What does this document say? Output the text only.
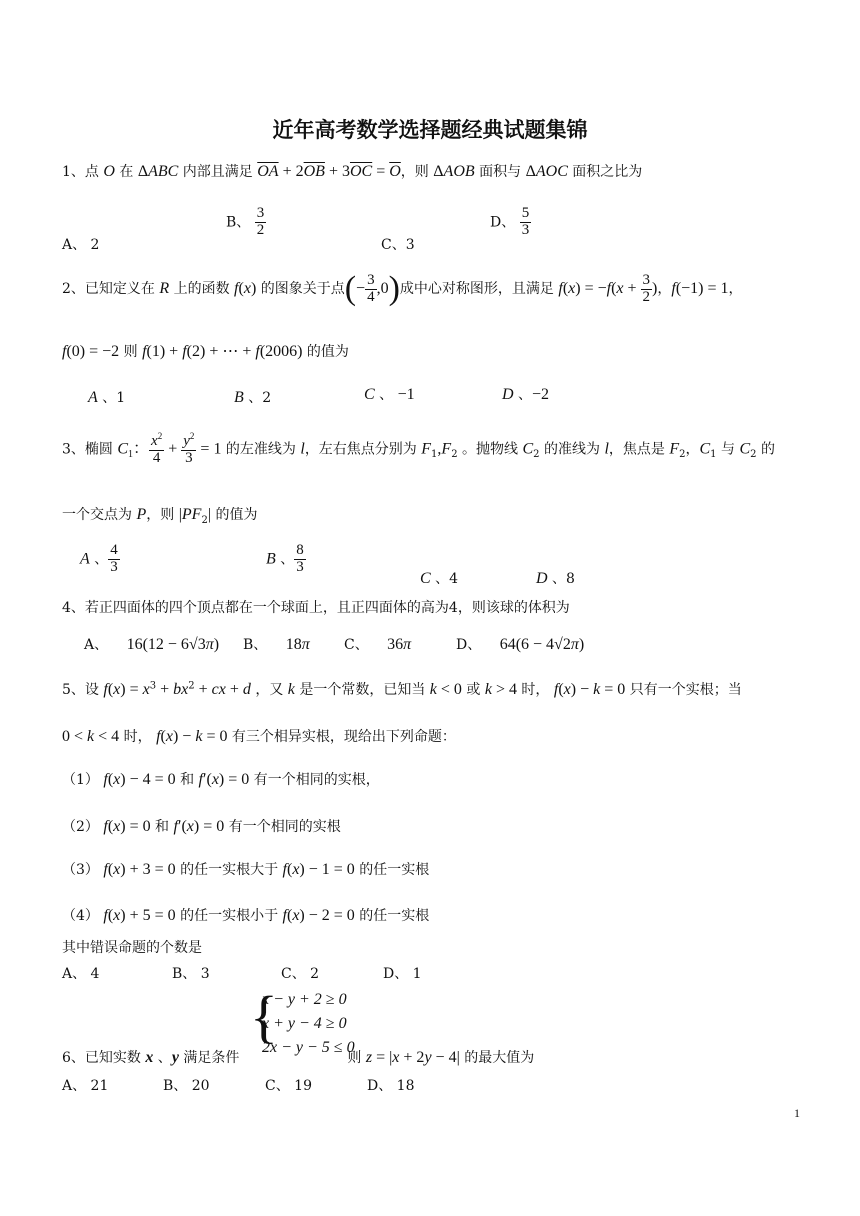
近年高考数学选择题经典试题集锦
1、点 O 在 ΔABC 内部且满足 $\overline{OA} + 2\overline{OB} + 3\overline{OC} = \overline{O}$，则 ΔAOB 面积与 ΔAOC 面积之比为
A、 2
B、 $\frac{3}{2}$
C、3
D、 $\frac{5}{3}$
2、已知定义在 R 上的函数 f(x) 的图象关于点(− $\frac{3}{4} ,0$)成中心对称图形，且满足 $f(x) = -f(x + \frac{3}{2}$ )，f(−1) = 1，
f(0) = −2 则 f(1) + f(2) + ⋯ + f(2006) 的值为
A 、1	B 、2	C 、 −1	D 、−2
3、椭圆 $C_1$： $\frac{x^2}{4} + \frac{y^2}{3} = 1$ 的左准线为 l，左右焦点分别为 $F_1,F_2$ 。抛物线 $C_2$ 的准线为 l，焦点是 $F_2$，$C_1$ 与 $C_2$ 的
一个交点为 P，则 $|PF_2|$ 的值为
A 、 $\frac{4}{3}$	B 、 $\frac{8}{3}$
C 、4	D 、8
4、若正四面体的四个顶点都在一个球面上，且正四面体的高为4，则该球的体积为
A、 16(12 − 6√3π) B、 18π C、 36π	D、 64(6 − 4√2π)
5、设 $f(x) = x^3 + bx^2$ + cx + d ，又 k 是一个常数，已知当 k < 0 或 k > 4 时， f(x) − k = 0 只有一个实根；当
0 < k < 4 时， f(x) − k = 0 有三个相异实根，现给出下列命题：
（1） f(x) − 4 = 0 和 f′(x) = 0 有一个相同的实根，
（2） f(x) = 0 和 f′(x) = 0 有一个相同的实根
（3） f(x) + 3 = 0 的任一实根大于 f(x) − 1 = 0 的任一实根
（4） f(x) + 5 = 0 的任一实根小于 f(x) − 2 = 0 的任一实根
其中错误命题的个数是
A、 4	B、 3	C、 2	D、 1
{
x − y + 2 ≥ 0
x + y − 4 ≥ 0
2x − y − 5 ≤ 0
6、已知实数 x 、y 满足条件	则 z = |x + 2y − 4| 的最大值为
A、 21	B、 20	C、 19	D、 18
1
